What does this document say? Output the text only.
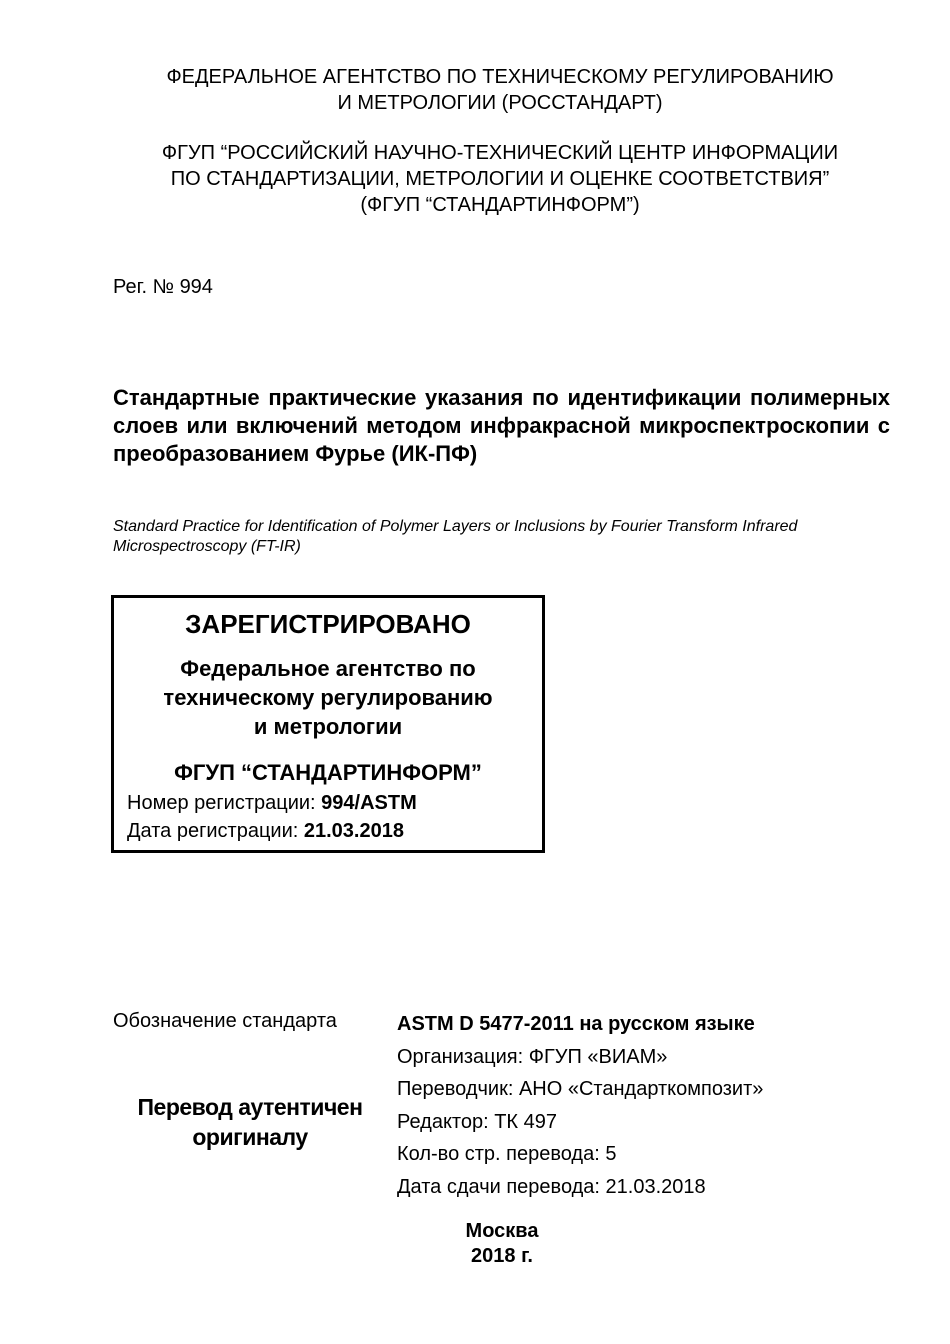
ФЕДЕРАЛЬНОЕ АГЕНТСТВО ПО ТЕХНИЧЕСКОМУ РЕГУЛИРОВАНИЮ
И МЕТРОЛОГИИ (РОССТАНДАРТ)
ФГУП “РОССИЙСКИЙ НАУЧНО-ТЕХНИЧЕСКИЙ ЦЕНТР ИНФОРМАЦИИ
ПО СТАНДАРТИЗАЦИИ, МЕТРОЛОГИИ И ОЦЕНКЕ СООТВЕТСТВИЯ”
(ФГУП “СТАНДАРТИНФОРМ”)
Рег. № 994
Стандартные практические указания по идентификации полимерных слоев или включений методом инфракрасной микроспектроскопии с преобразованием Фурье (ИК-ПФ)
Standard Practice for Identification of Polymer Layers or Inclusions by Fourier Transform Infrared Microspectroscopy (FT-IR)
ЗАРЕГИСТРИРОВАНО
Федеральное агентство по
техническому регулированию
и метрологии
ФГУП “СТАНДАРТИНФОРМ”
Номер регистрации: 994/ASTM
Дата регистрации: 21.03.2018
Обозначение стандарта
Перевод аутентичен
оригиналу
ASTM D 5477-2011 на русском языке
Организация: ФГУП «ВИАМ»
Переводчик: АНО «Стандарткомпозит»
Редактор: ТК 497
Кол-во стр. перевода: 5
Дата сдачи перевода: 21.03.2018
Москва
2018 г.
